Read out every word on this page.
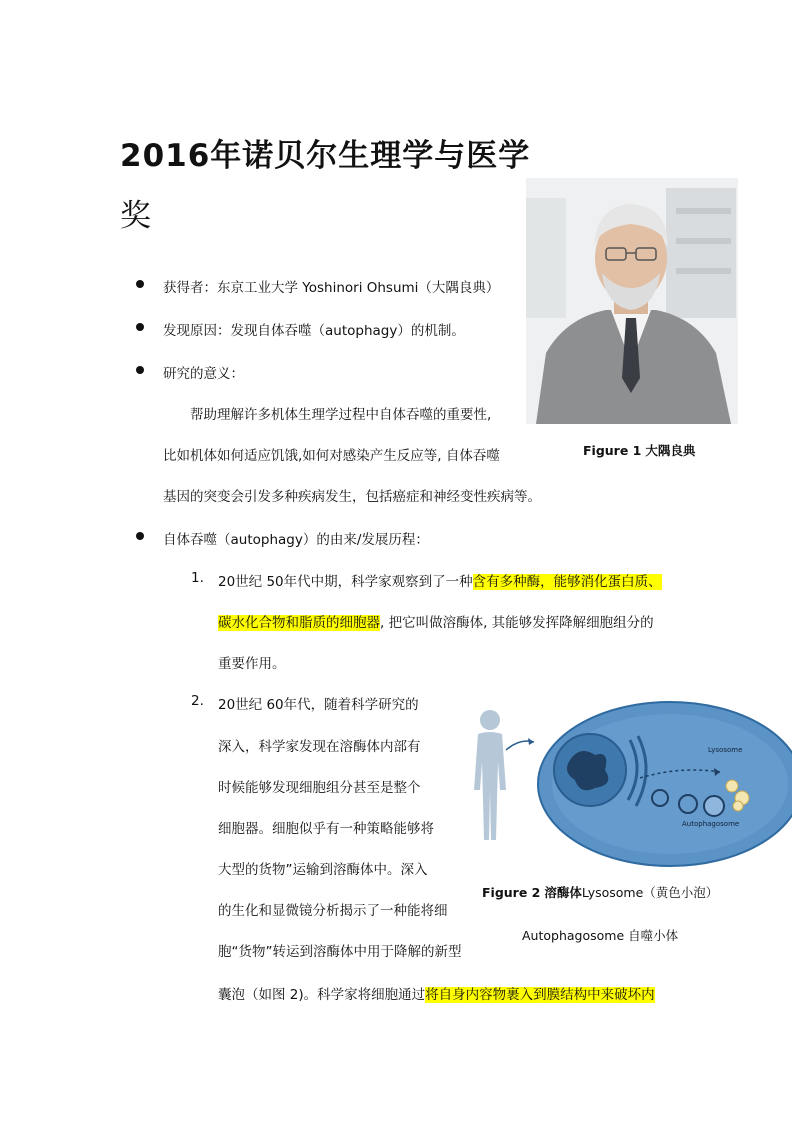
2016年诺贝尔生理学与医学
奖
Figure 1 大隅良典
获得者：东京工业大学 Yoshinori Ohsumi（大隅良典）
发现原因：发现自体吞噬（autophagy）的机制。
研究的意义：
帮助理解许多机体生理学过程中自体吞噬的重要性,
比如机体如何适应饥饿,如何对感染产生反应等, 自体吞噬
基因的突变会引发多种疾病发生，包括癌症和神经变性疾病等。
自体吞噬（autophagy）的由来/发展历程：
1. 20世纪 50年代中期，科学家观察到了一种含有多种酶，能够消化蛋白质、
碳水化合物和脂质的细胞器, 把它叫做溶酶体, 其能够发挥降解细胞组分的
重要作用。
2. 20世纪 60年代，随着科学研究的
深入，科学家发现在溶酶体内部有
时候能够发现细胞组分甚至是整个
细胞器。细胞似乎有一种策略能够将
大型的货物”运输到溶酶体中。深入
的生化和显微镜分析揭示了一种能将细
胞“货物”转运到溶酶体中用于降解的新型
囊泡（如图 2)。科学家将细胞通过将自身内容物裹入到膜结构中来破坏内
Lysosome
Autophagosome
Figure 2 溶酶体Lysosome（黄色小泡）
Autophagosome 自噬小体
